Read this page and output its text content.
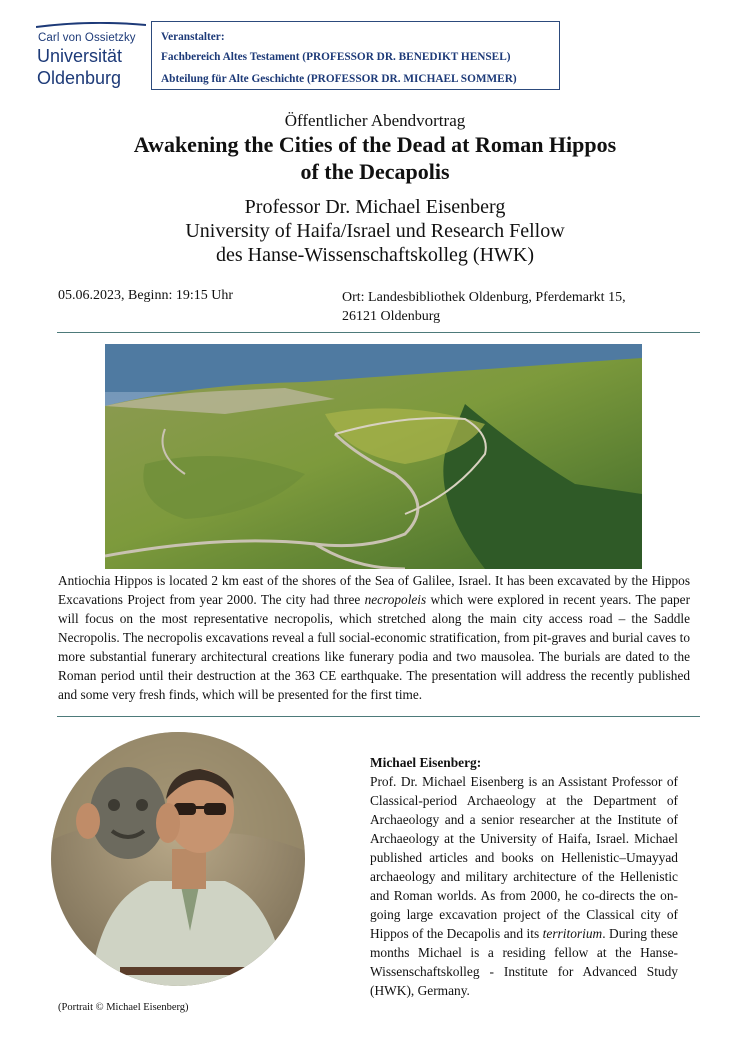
Carl von Ossietzky
Universität
Oldenburg
Veranstalter:
Fachbereich Altes Testament (PROFESSOR DR. BENEDIKT HENSEL)
Abteilung für Alte Geschichte (PROFESSOR DR. MICHAEL SOMMER)
Öffentlicher Abendvortrag
Awakening the Cities of the Dead at Roman Hippos
of the Decapolis
Professor Dr. Michael Eisenberg
University of Haifa/Israel und Research Fellow
des Hanse-Wissenschaftskolleg (HWK)
05.06.2023, Beginn: 19:15 Uhr	Ort: Landesbibliothek Oldenburg, Pferdemarkt 15,
26121 Oldenburg
Antiochia Hippos is located 2 km east of the shores of the Sea of Galilee, Israel. It has been excavated by the Hippos Excavations Project from year 2000. The city had three necropoleis which were explored in recent years. The paper will focus on the most representative necropolis, which stretched along the main city access road – the Saddle Necropolis. The necropolis excavations reveal a full social-economic stratification, from pit-graves and burial caves to more substantial funerary architectural creations like funerary podia and two mausolea. The burials are dated to the Roman period until their destruction at the 363 CE earthquake. The presentation will address the recently published and some very fresh finds, which will be presented for the first time.
(Portrait © Michael Eisenberg)
Michael Eisenberg:
Prof. Dr. Michael Eisenberg is an Assistant Professor of Classical-period Archaeology at the Department of Archaeology and a senior researcher at the Institute of Archaeology at the University of Haifa, Israel. Michael published articles and books on Hellenistic–Umayyad archaeology and military architecture of the Hellenistic and Roman worlds. As from 2000, he co-directs the on-going large excavation project of the Classical city of Hippos of the Decapolis and its territorium. During these months Michael is a residing fellow at the Hanse-Wissenschaftskolleg - Institute for Advanced Study (HWK), Germany.
